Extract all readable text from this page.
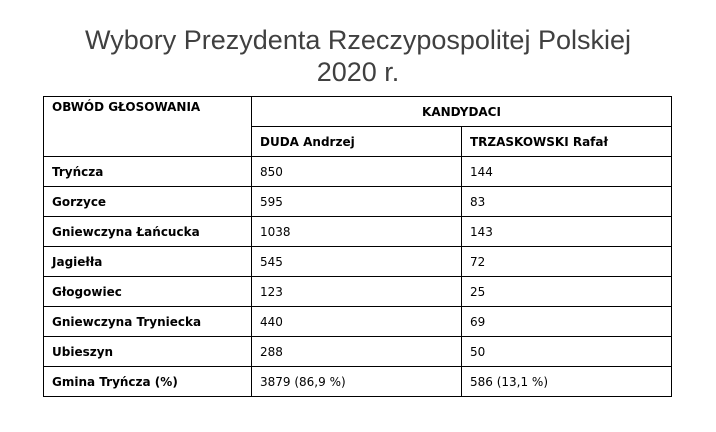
Wybory Prezydenta Rzeczypospolitej Polskiej
2020 r.
OBWÓD GŁOSOWANIA	KANDYDACI	
	DUDA Andrzej	TRZASKOWSKI Rafał
Tryńcza	850	144
Gorzyce	595	83
Gniewczyna Łańcucka	1038	143
Jagiełła	545	72
Głogowiec	123	25
Gniewczyna Tryniecka	440	69
Ubieszyn	288	50
Gmina Tryńcza (%)	3879 (86,9 %)	586 (13,1 %)
